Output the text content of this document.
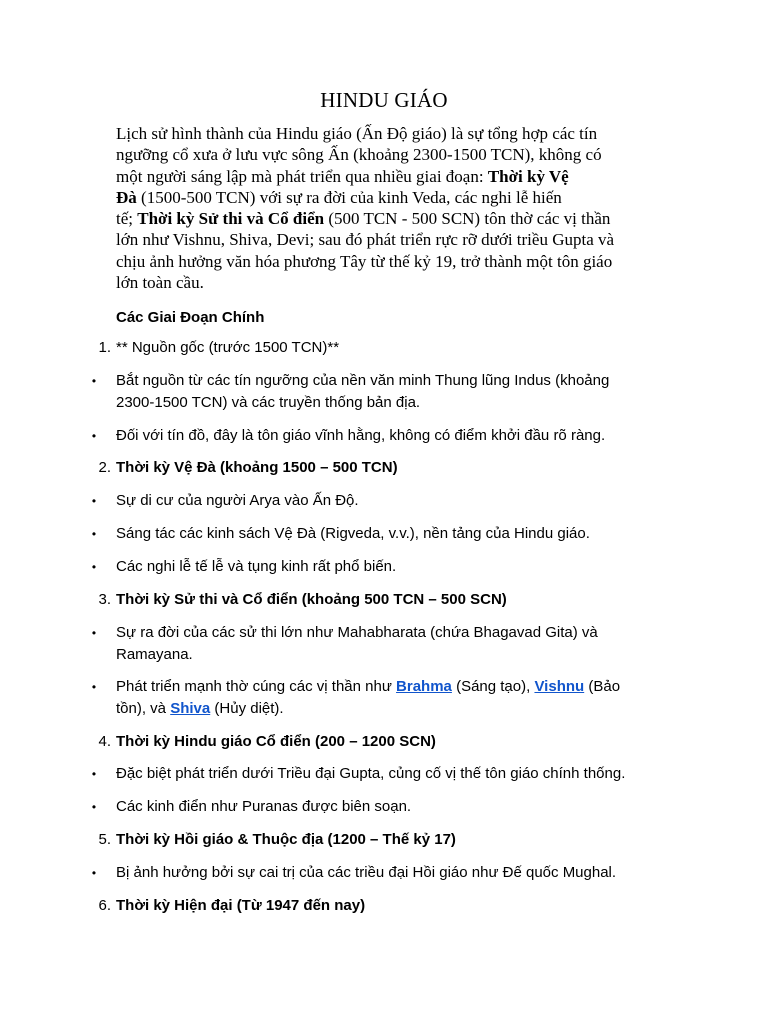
HINDU GIÁO
Lịch sử hình thành của Hindu giáo (Ấn Độ giáo) là sự tổng hợp các tín
ngưỡng cổ xưa ở lưu vực sông Ấn (khoảng 2300-1500 TCN), không có
một người sáng lập mà phát triển qua nhiều giai đoạn: Thời kỳ Vệ
Đà (1500-500 TCN) với sự ra đời của kinh Veda, các nghi lễ hiến
tế; Thời kỳ Sử thi và Cổ điển (500 TCN - 500 SCN) tôn thờ các vị thần
lớn như Vishnu, Shiva, Devi; sau đó phát triển rực rỡ dưới triều Gupta và
chịu ảnh hưởng văn hóa phương Tây từ thế kỷ 19, trở thành một tôn giáo
lớn toàn cầu.
Các Giai Đoạn Chính
1. ** Nguồn gốc (trước 1500 TCN)**
• Bắt nguồn từ các tín ngưỡng của nền văn minh Thung lũng Indus (khoảng
2300-1500 TCN) và các truyền thống bản địa.
• Đối với tín đồ, đây là tôn giáo vĩnh hằng, không có điểm khởi đầu rõ ràng.
2. Thời kỳ Vệ Đà (khoảng 1500 – 500 TCN)
• Sự di cư của người Arya vào Ấn Độ.
• Sáng tác các kinh sách Vệ Đà (Rigveda, v.v.), nền tảng của Hindu giáo.
• Các nghi lễ tế lễ và tụng kinh rất phổ biến.
3. Thời kỳ Sử thi và Cổ điển (khoảng 500 TCN – 500 SCN)
• Sự ra đời của các sử thi lớn như Mahabharata (chứa Bhagavad Gita) và
Ramayana.
• Phát triển mạnh thờ cúng các vị thần như Brahma (Sáng tạo), Vishnu (Bảo
tồn), và Shiva (Hủy diệt).
4. Thời kỳ Hindu giáo Cổ điển (200 – 1200 SCN)
• Đặc biệt phát triển dưới Triều đại Gupta, củng cố vị thế tôn giáo chính thống.
• Các kinh điển như Puranas được biên soạn.
5. Thời kỳ Hồi giáo & Thuộc địa (1200 – Thế kỷ 17)
• Bị ảnh hưởng bởi sự cai trị của các triều đại Hồi giáo như Đế quốc Mughal.
6. Thời kỳ Hiện đại (Từ 1947 đến nay)
